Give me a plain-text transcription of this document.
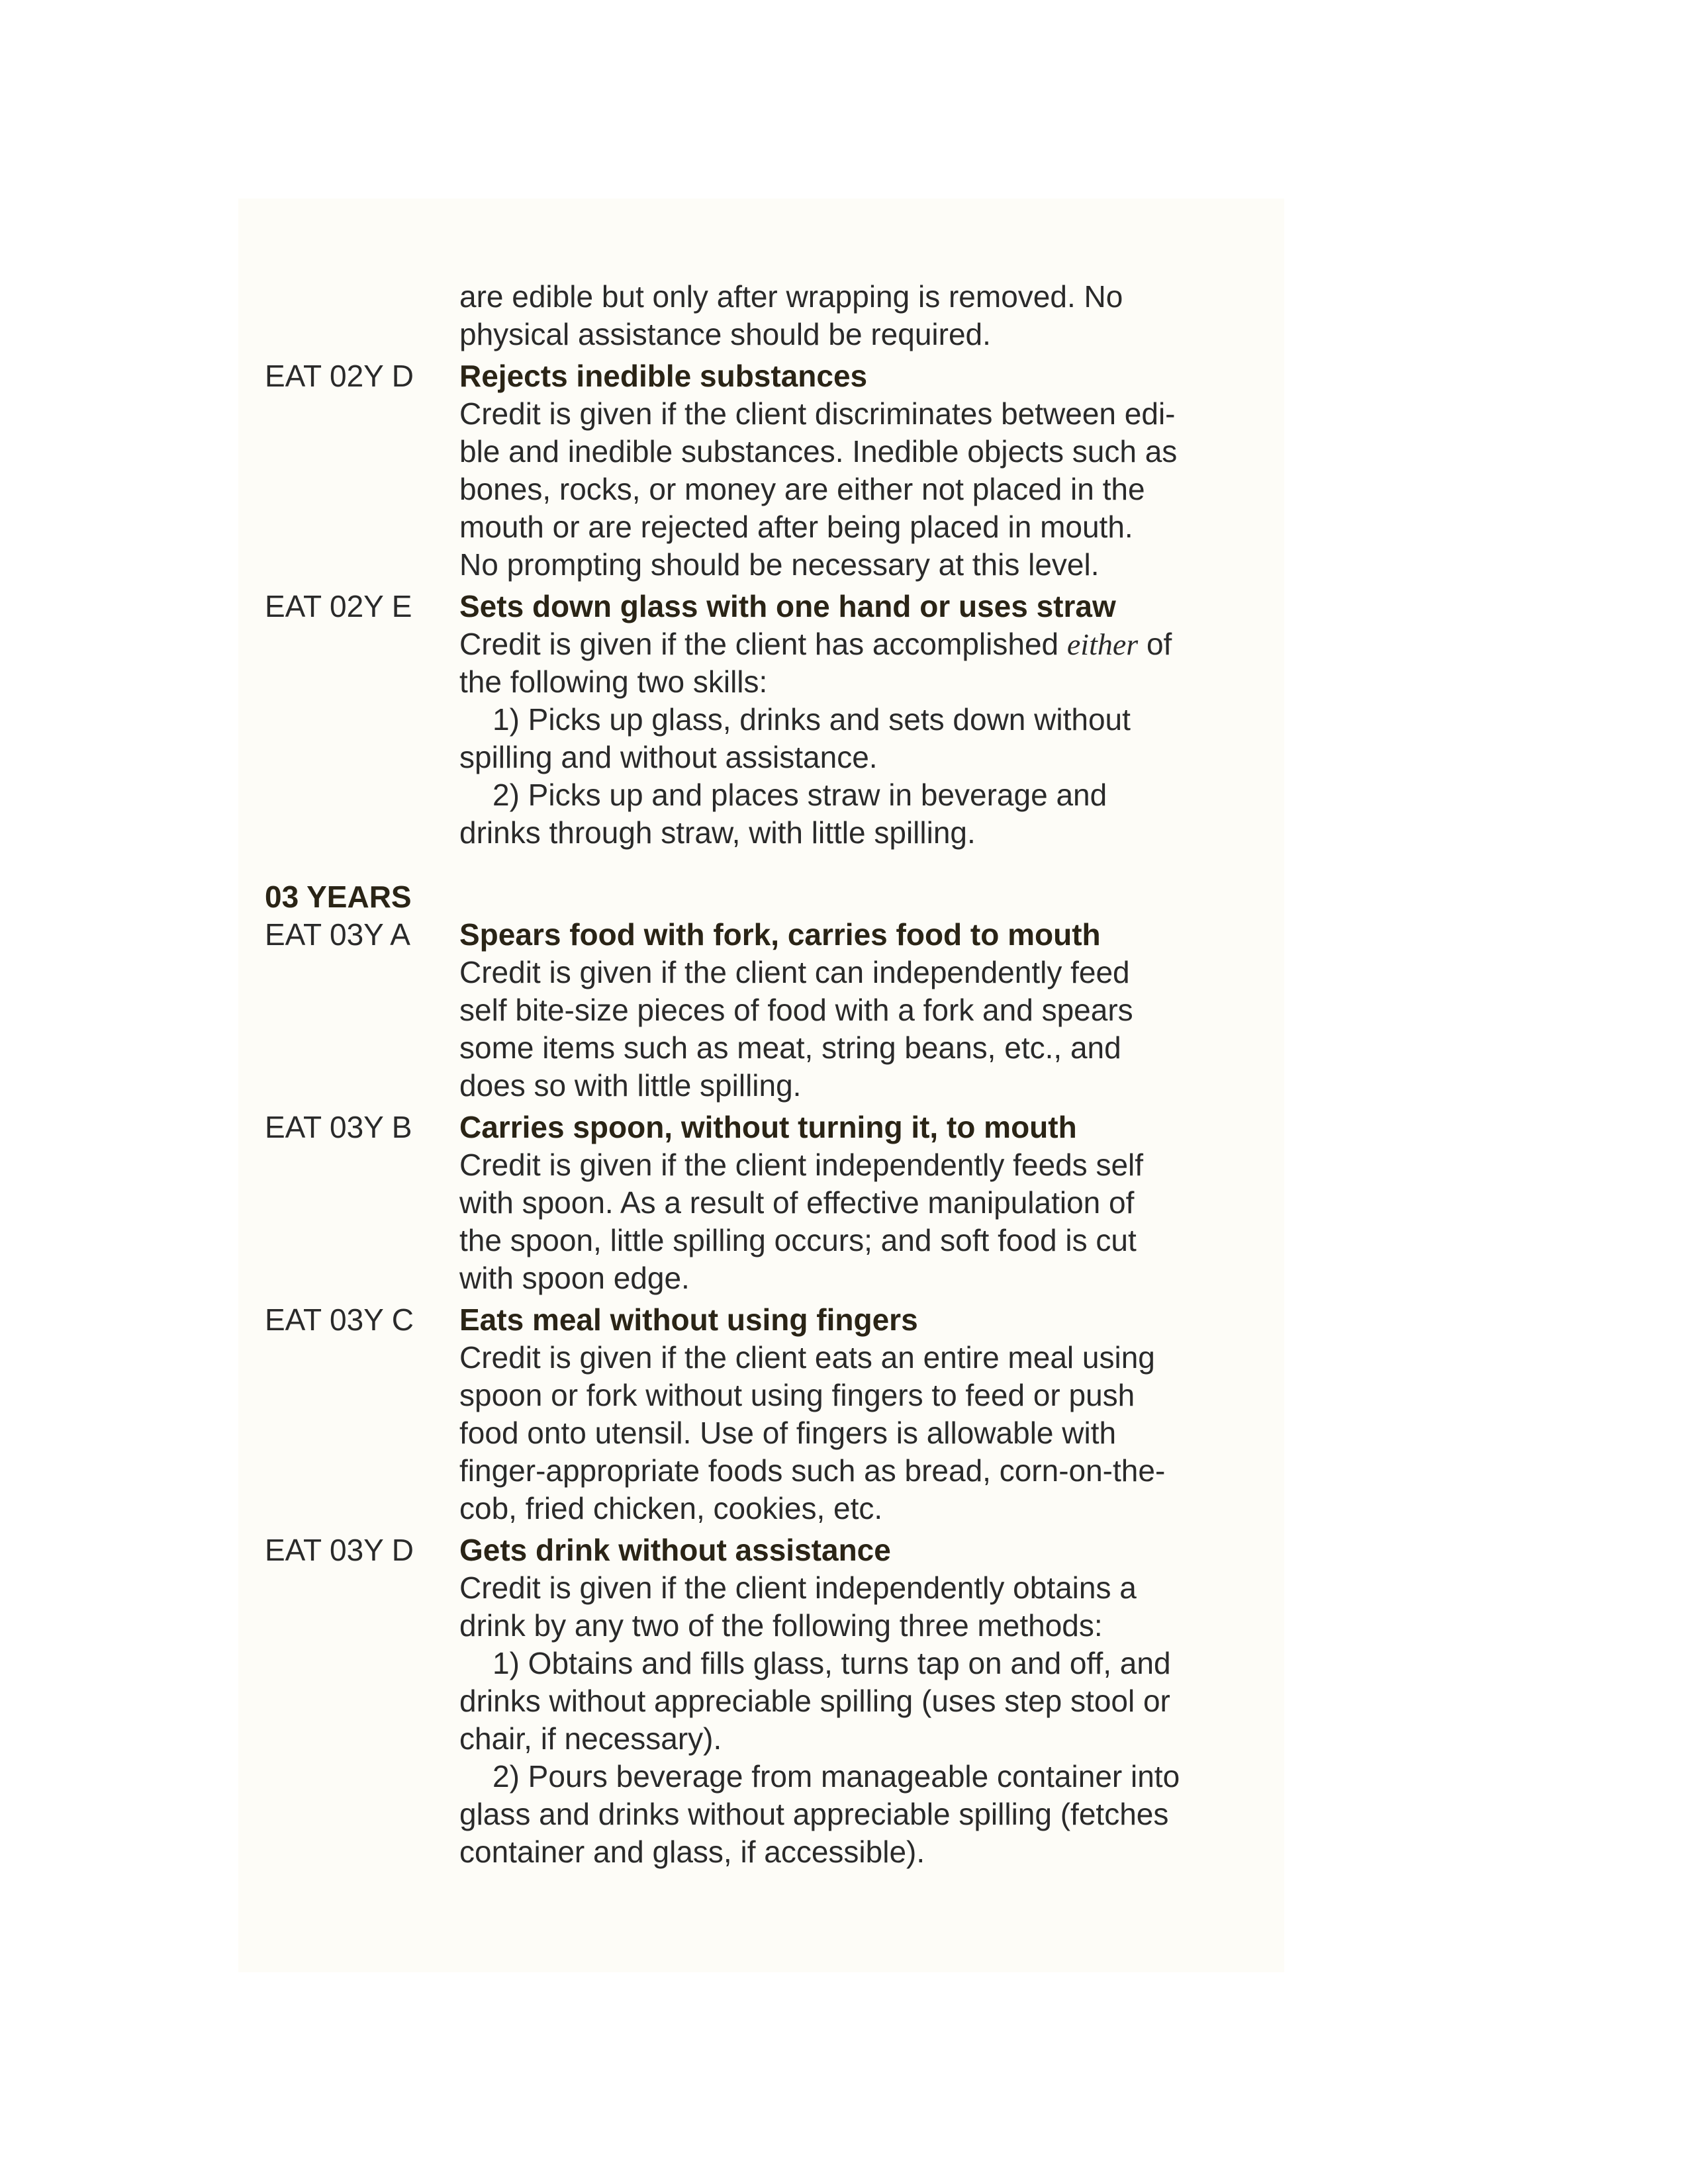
are edible but only after wrapping is removed. No
physical assistance should be required.
EAT 02Y D	Rejects inedible substances
Credit is given if the client discriminates between edi-
ble and inedible substances. Inedible objects such as
bones, rocks, or money are either not placed in the
mouth or are rejected after being placed in mouth.
No prompting should be necessary at this level.
EAT 02Y E	Sets down glass with one hand or uses straw
Credit is given if the client has accomplished either of
the following two skills:
1) Picks up glass, drinks and sets down without
spilling and without assistance.
2) Picks up and places straw in beverage and
drinks through straw, with little spilling.
03 YEARS
EAT 03Y A	Spears food with fork, carries food to mouth
Credit is given if the client can independently feed
self bite-size pieces of food with a fork and spears
some items such as meat, string beans, etc., and
does so with little spilling.
EAT 03Y B	Carries spoon, without turning it, to mouth
Credit is given if the client independently feeds self
with spoon. As a result of effective manipulation of
the spoon, little spilling occurs; and soft food is cut
with spoon edge.
EAT 03Y C	Eats meal without using fingers
Credit is given if the client eats an entire meal using
spoon or fork without using fingers to feed or push
food onto utensil. Use of fingers is allowable with
finger-appropriate foods such as bread, corn-on-the-
cob, fried chicken, cookies, etc.
EAT 03Y D	Gets drink without assistance
Credit is given if the client independently obtains a
drink by any two of the following three methods:
1) Obtains and fills glass, turns tap on and off, and
drinks without appreciable spilling (uses step stool or
chair, if necessary).
2) Pours beverage from manageable container into
glass and drinks without appreciable spilling (fetches
container and glass, if accessible).
